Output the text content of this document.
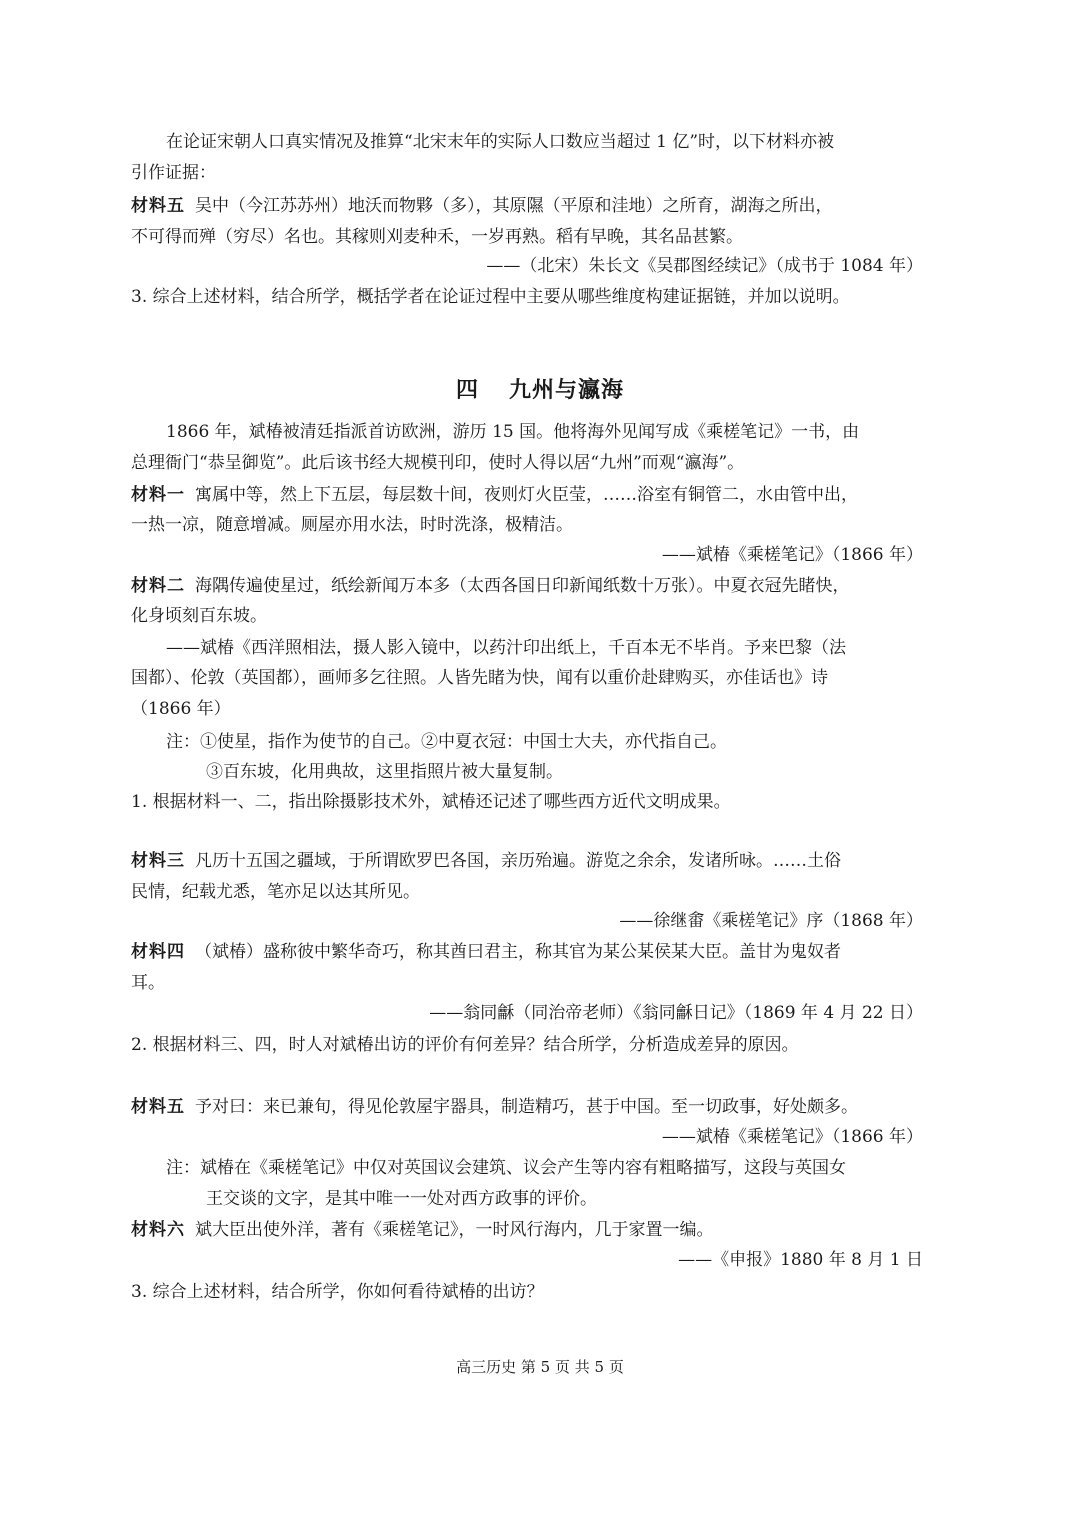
在论证宋朝人口真实情况及推算“北宋末年的实际人口数应当超过 1 亿”时，以下材料亦被
引作证据：
材料五 吴中（今江苏苏州）地沃而物夥（多），其原隰（平原和洼地）之所育，湖海之所出，
不可得而殚（穷尽）名也。其稼则刈麦种禾，一岁再熟。稻有早晚，其名品甚繁。
——（北宋）朱长文《吴郡图经续记》（成书于 1084 年）
3. 综合上述材料，结合所学，概括学者在论证过程中主要从哪些维度构建证据链，并加以说明。
四 九州与瀛海
1866 年，斌椿被清廷指派首访欧洲，游历 15 国。他将海外见闻写成《乘槎笔记》一书，由
总理衙门“恭呈御览”。此后该书经大规模刊印，使时人得以居“九州”而观“瀛海”。
材料一 寓属中等，然上下五层，每层数十间，夜则灯火臣莹，……浴室有铜管二，水由管中出，
一热一凉，随意增减。厕屋亦用水法，时时洗涤，极精洁。
——斌椿《乘槎笔记》（1866 年）
材料二 海隅传遍使星过，纸绘新闻万本多（太西各国日印新闻纸数十万张）。中夏衣冠先睹快，
化身顷刻百东坡。
——斌椿《西洋照相法，摄人影入镜中，以药汁印出纸上，千百本无不毕肖。予来巴黎（法
国都）、伦敦（英国都），画师多乞往照。人皆先睹为快，闻有以重价赴肆购买，亦佳话也》诗
（1866 年）
注：①使星，指作为使节的自己。②中夏衣冠：中国士大夫，亦代指自己。
③百东坡，化用典故，这里指照片被大量复制。
1. 根据材料一、二，指出除摄影技术外，斌椿还记述了哪些西方近代文明成果。
材料三 凡历十五国之疆域，于所谓欧罗巴各国，亲历殆遍。游览之余余，发诸所咏。……土俗
民情，纪载尤悉，笔亦足以达其所见。
——徐继畬《乘槎笔记》序（1868 年）
材料四 （斌椿）盛称彼中繁华奇巧，称其酋曰君主，称其官为某公某侯某大臣。盖甘为鬼奴者
耳。
——翁同龢（同治帝老师）《翁同龢日记》（1869 年 4 月 22 日）
2. 根据材料三、四，时人对斌椿出访的评价有何差异？结合所学，分析造成差异的原因。
材料五 予对曰：来已兼旬，得见伦敦屋宇器具，制造精巧，甚于中国。至一切政事，好处颇多。
——斌椿《乘槎笔记》（1866 年）
注：斌椿在《乘槎笔记》中仅对英国议会建筑、议会产生等内容有粗略描写，这段与英国女
王交谈的文字，是其中唯一一处对西方政事的评价。
材料六 斌大臣出使外洋，著有《乘槎笔记》，一时风行海内，几于家置一编。
——《申报》1880 年 8 月 1 日
3. 综合上述材料，结合所学，你如何看待斌椿的出访？
高三历史 第 5 页 共 5 页
